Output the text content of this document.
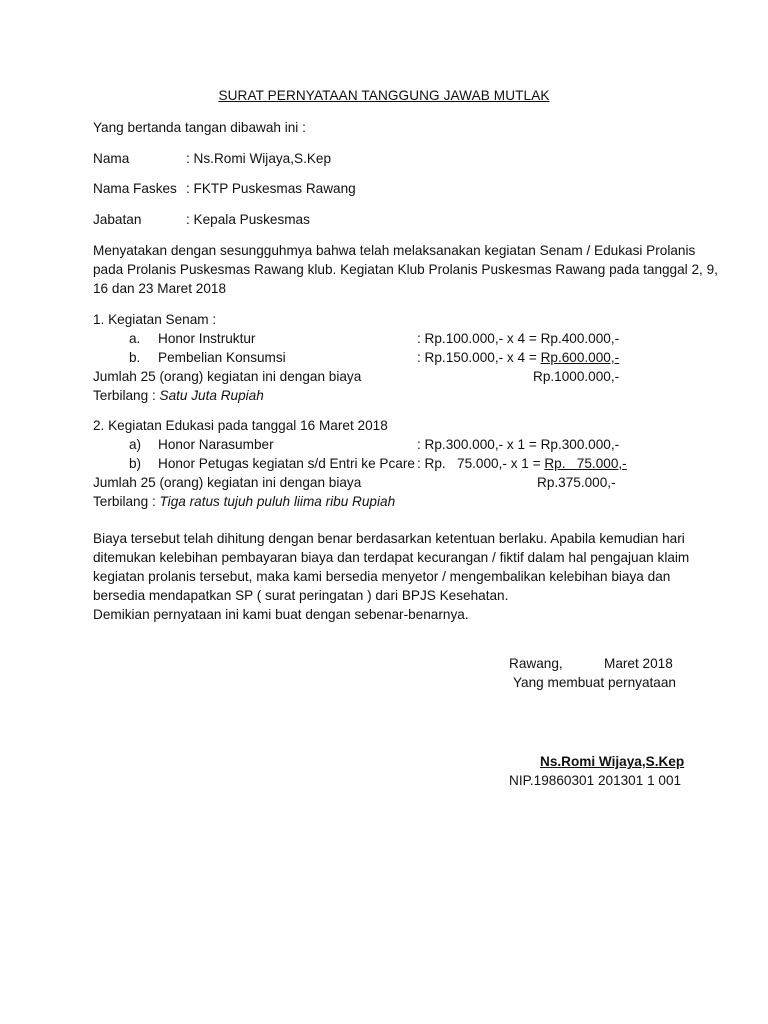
SURAT PERNYATAAN TANGGUNG JAWAB MUTLAK
Yang bertanda tangan dibawah ini :
Nama	: Ns.Romi Wijaya,S.Kep
Nama Faskes : FKTP Puskesmas Rawang
Jabatan	: Kepala Puskesmas
Menyatakan dengan sesungguhmya bahwa telah melaksanakan kegiatan Senam / Edukasi Prolanis
pada Prolanis Puskesmas Rawang klub. Kegiatan Klub Prolanis Puskesmas Rawang pada tanggal 2, 9,
16 dan 23 Maret 2018
1. Kegiatan Senam :
a. Honor Instruktur	: Rp.100.000,- x 4 = Rp.400.000,-
b. Pembelian Konsumsi	: Rp.150.000,- x 4 = Rp.600.000,-
Jumlah 25 (orang) kegiatan ini dengan biaya	Rp.1000.000,-
Terbilang : Satu Juta Rupiah
2. Kegiatan Edukasi pada tanggal 16 Maret 2018
a) Honor Narasumber	: Rp.300.000,- x 1 = Rp.300.000,-
b) Honor Petugas kegiatan s/d Entri ke Pcare : Rp.   75.000,- x 1 = Rp.   75.000,-
Jumlah 25 (orang) kegiatan ini dengan biaya	Rp.375.000,-
Terbilang : Tiga ratus tujuh puluh liima ribu Rupiah
Biaya tersebut telah dihitung dengan benar berdasarkan ketentuan berlaku. Apabila kemudian hari
ditemukan kelebihan pembayaran biaya dan terdapat kecurangan / fiktif dalam hal pengajuan klaim
kegiatan prolanis tersebut, maka kami bersedia menyetor / mengembalikan kelebihan biaya dan
bersedia mendapatkan SP ( surat peringatan ) dari BPJS Kesehatan.
Demikian pernyataan ini kami buat dengan sebenar-benarnya.
Rawang,	Maret 2018
Yang membuat pernyataan
Ns.Romi Wijaya,S.Kep
NIP.19860301 201301 1 001
